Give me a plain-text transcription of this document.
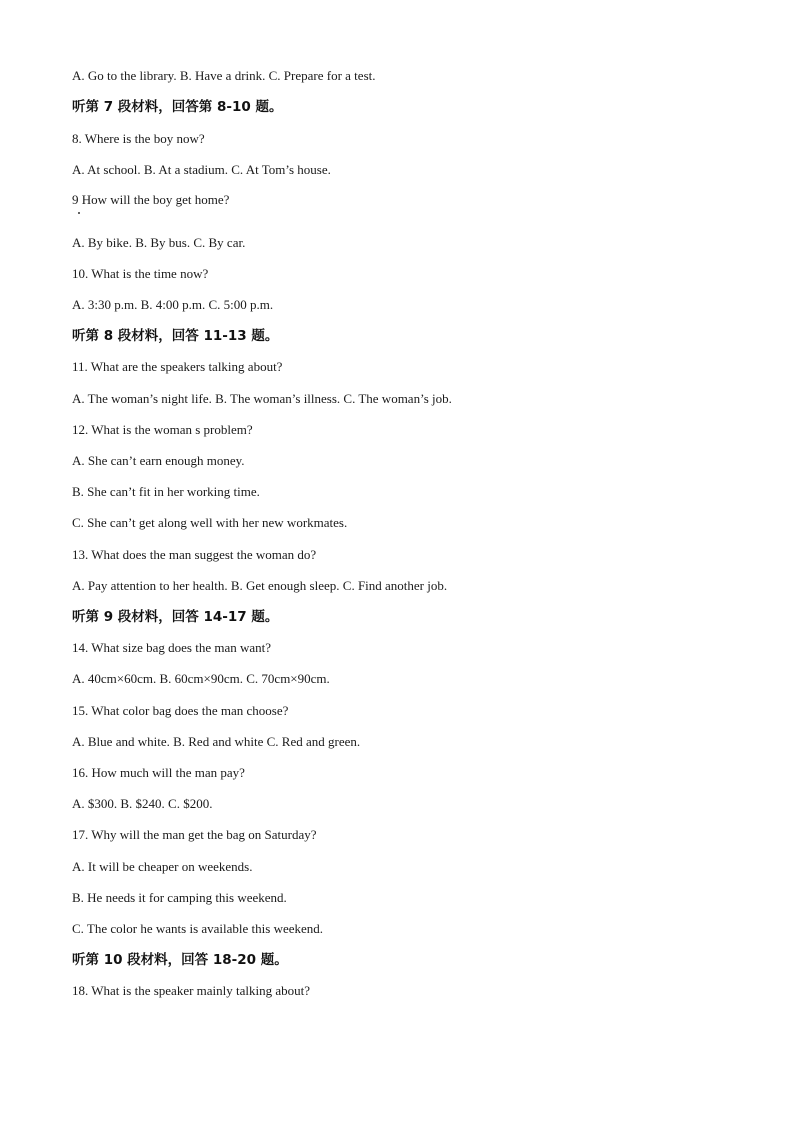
A. Go to the library. B. Have a drink. C. Prepare for a test.
听第 7 段材料，回答第 8-10 题。
8. Where is the boy now?
A. At school. B. At a stadium. C. At Tom’s house.
9 How will the boy get home?
A. By bike. B. By bus. C. By car.
10. What is the time now?
A. 3:30 p.m. B. 4:00 p.m. C. 5:00 p.m.
听第 8 段材料，回答 11-13 题。
11. What are the speakers talking about?
A. The woman’s night life. B. The woman’s illness. C. The woman’s job.
12. What is the woman s problem?
A. She can’t earn enough money.
B. She can’t fit in her working time.
C. She can’t get along well with her new workmates.
13. What does the man suggest the woman do?
A. Pay attention to her health. B. Get enough sleep. C. Find another job.
听第 9 段材料，回答 14-17 题。
14. What size bag does the man want?
A. 40cm×60cm. B. 60cm×90cm. C. 70cm×90cm.
15. What color bag does the man choose?
A. Blue and white. B. Red and white C. Red and green.
16. How much will the man pay?
A. $300. B. $240. C. $200.
17. Why will the man get the bag on Saturday?
A. It will be cheaper on weekends.
B. He needs it for camping this weekend.
C. The color he wants is available this weekend.
听第 10 段材料，回答 18-20 题。
18. What is the speaker mainly talking about?
